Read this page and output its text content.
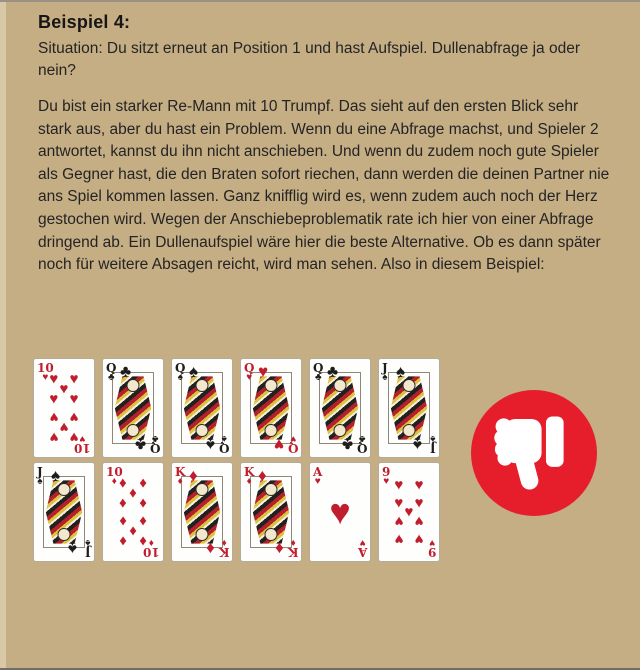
Beispiel 4:

Situation: Du sitzt erneut an Position 1 und hast Aufspiel. Dullenabfrage ja oder nein?

Du bist ein starker Re-Mann mit 10 Trumpf. Das sieht auf den ersten Blick sehr stark aus, aber du hast ein Problem. Wenn du eine Abfrage machst, und Spieler 2 antwortet, kannst du ihn nicht anschieben. Und wenn du zudem noch gute Spieler als Gegner hast, die den Braten sofort riechen, dann werden die deinen Partner nie ans Spiel kommen lassen. Ganz knifflig wird es, wenn zudem auch noch der Herz gestochen wird. Wegen der Anschiebeproblematik rate ich hier von einer Abfrage dringend ab. Ein Dullenaufspiel wäre hier die beste Alternative. Ob es dann später noch für weitere Absagen reicht, wird man sehen. Also in diesem Beispiel:

10
♥
10
♥
♥ ♥
♥
♥ ♥
♥ ♥
♥
♥ ♥
Q
♣
Q
♣
♣
♣
Q
♠
Q
♠
♠
♠
Q
♥
Q
♥
♥
♥
Q
♣
Q
♣
♣
♣
J
♠
J
♠
♠
♠
J
♠
J
♠
♠
♠
10
♦
10
♦
♦ ♦
♦
♦ ♦
♦ ♦
♦
♦ ♦
K
♦
K
♦
♦
♦
K
♦
K
♦
♦
♦
A
♥
A
♥
♥
9
♥
9
♥
♥ ♥
♥ ♥
♥
♥ ♥
♥ ♥
